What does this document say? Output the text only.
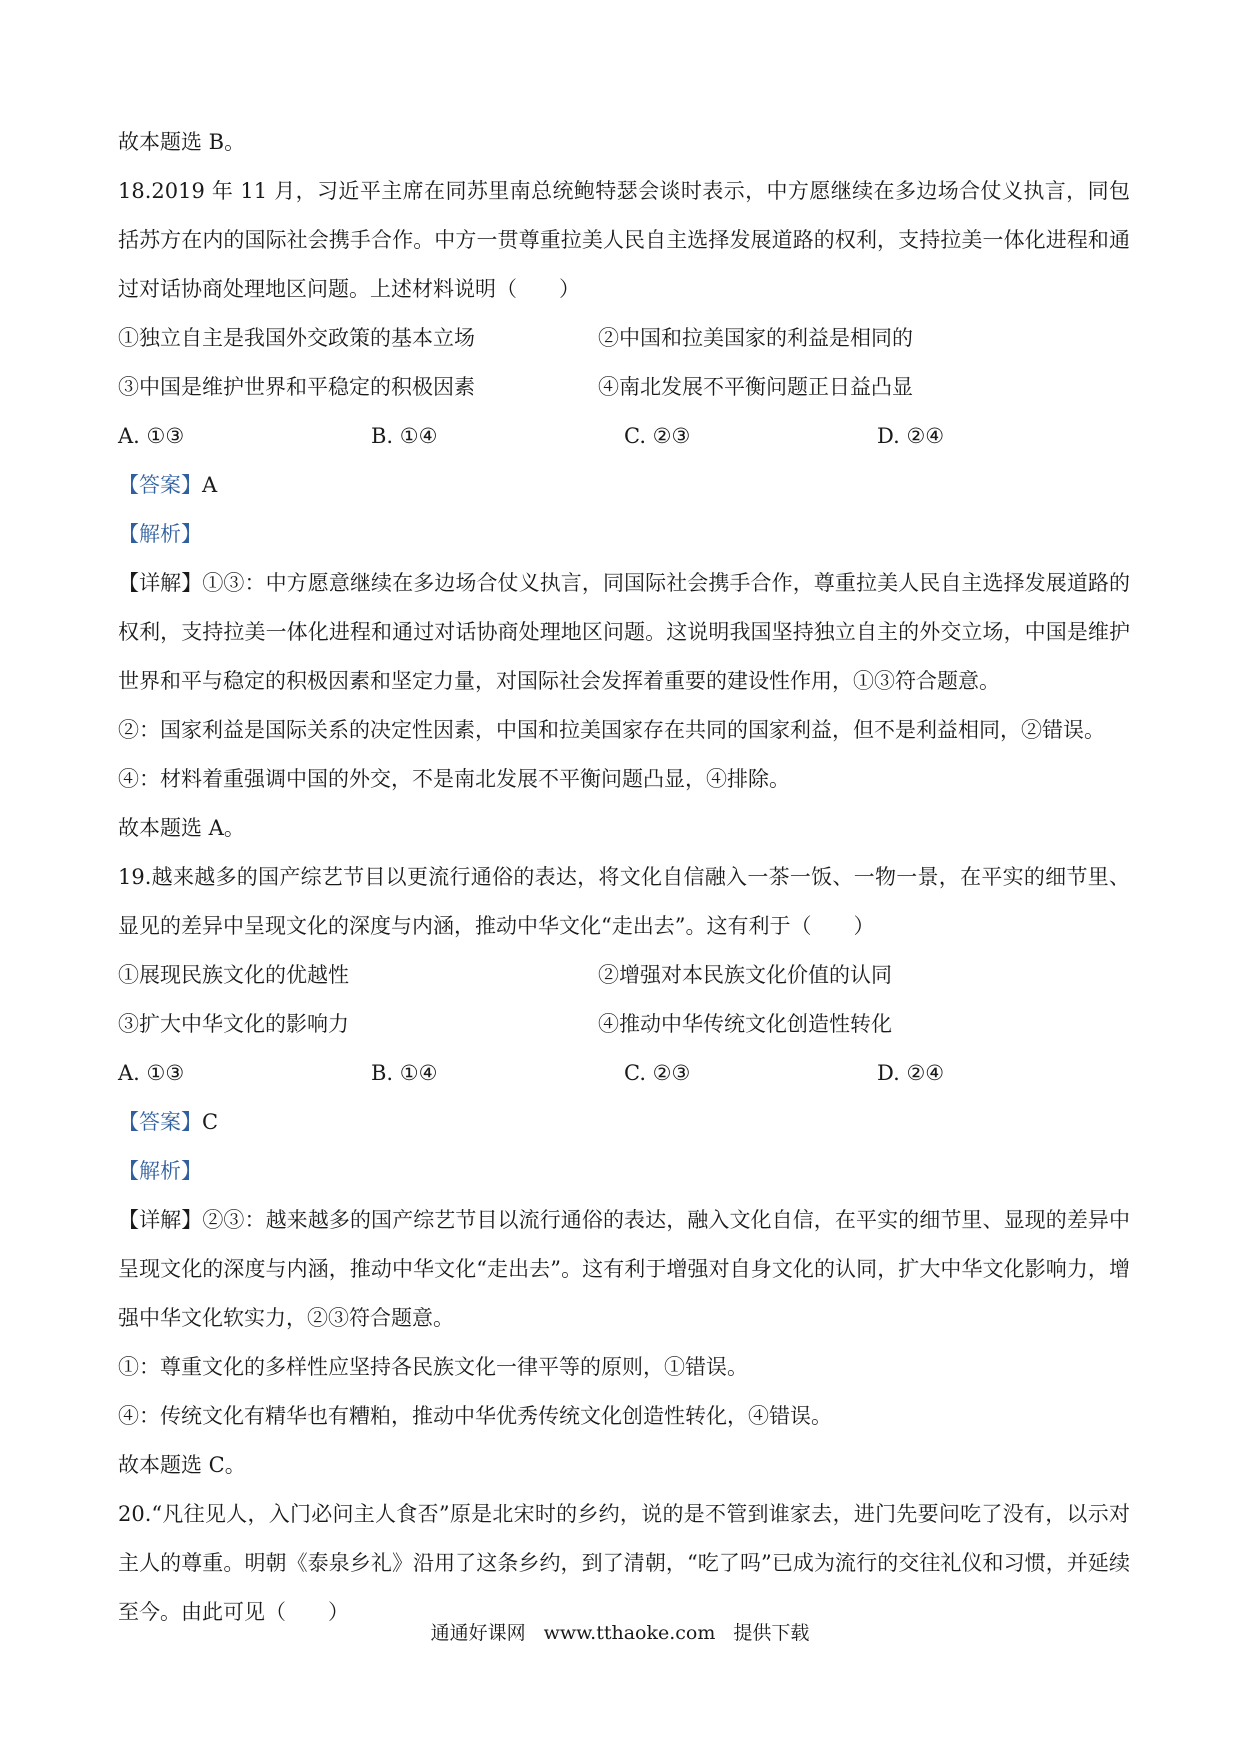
故本题选 B。
18.2019 年 11 月，习近平主席在同苏里南总统鲍特瑟会谈时表示，中方愿继续在多边场合仗义执言，同包括苏方在内的国际社会携手合作。中方一贯尊重拉美人民自主选择发展道路的权利，支持拉美一体化进程和通过对话协商处理地区问题。上述材料说明（　　）
①独立自主是我国外交政策的基本立场	②中国和拉美国家的利益是相同的
③中国是维护世界和平稳定的积极因素	④南北发展不平衡问题正日益凸显
A. ①③	B. ①④	C. ②③	D. ②④
【答案】A
【解析】
【详解】①③：中方愿意继续在多边场合仗义执言，同国际社会携手合作，尊重拉美人民自主选择发展道路的权利，支持拉美一体化进程和通过对话协商处理地区问题。这说明我国坚持独立自主的外交立场，中国是维护世界和平与稳定的积极因素和坚定力量，对国际社会发挥着重要的建设性作用，①③符合题意。
②：国家利益是国际关系的决定性因素，中国和拉美国家存在共同的国家利益，但不是利益相同，②错误。
④：材料着重强调中国的外交，不是南北发展不平衡问题凸显，④排除。
故本题选 A。
19.越来越多的国产综艺节目以更流行通俗的表达，将文化自信融入一茶一饭、一物一景，在平实的细节里、显见的差异中呈现文化的深度与内涵，推动中华文化“走出去”。这有利于（　　）
①展现民族文化的优越性	②增强对本民族文化价值的认同
③扩大中华文化的影响力	④推动中华传统文化创造性转化
A. ①③	B. ①④	C. ②③	D. ②④
【答案】C
【解析】
【详解】②③：越来越多的国产综艺节目以流行通俗的表达，融入文化自信，在平实的细节里、显现的差异中呈现文化的深度与内涵，推动中华文化“走出去”。这有利于增强对自身文化的认同，扩大中华文化影响力，增强中华文化软实力，②③符合题意。
①：尊重文化的多样性应坚持各民族文化一律平等的原则，①错误。
④：传统文化有精华也有糟粕，推动中华优秀传统文化创造性转化，④错误。
故本题选 C。
20.“凡往见人，入门必问主人食否”原是北宋时的乡约，说的是不管到谁家去，进门先要问吃了没有，以示对主人的尊重。明朝《泰泉乡礼》沿用了这条乡约，到了清朝，“吃了吗”已成为流行的交往礼仪和习惯，并延续至今。由此可见（　　）
通通好课网 www.tthaoke.com 提供下载
